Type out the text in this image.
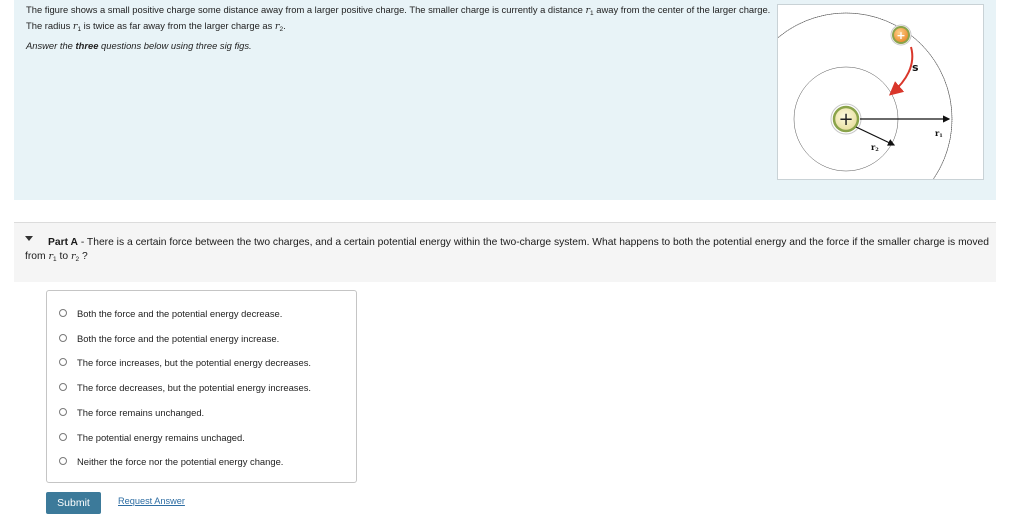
The figure shows a small positive charge some distance away from a larger positive charge. The smaller charge is currently a distance $r_1$ away from the center of the larger charge. The radius $r_1$ is twice as far away from the larger charge as $r_2$.
Answer the three questions below using three sig figs.
+
r2
r1
s
+
Part A - There is a certain force between the two charges, and a certain potential energy within the two-charge system. What happens to both the potential energy and the force if the smaller charge is moved from $r_1$ to $r_2$ ?
Both the force and the potential energy decrease.
Both the force and the potential energy increase.
The force increases, but the potential energy decreases.
The force decreases, but the potential energy increases.
The force remains unchanged.
The potential energy remains unchaged.
Neither the force nor the potential energy change.
Submit	Request Answer
